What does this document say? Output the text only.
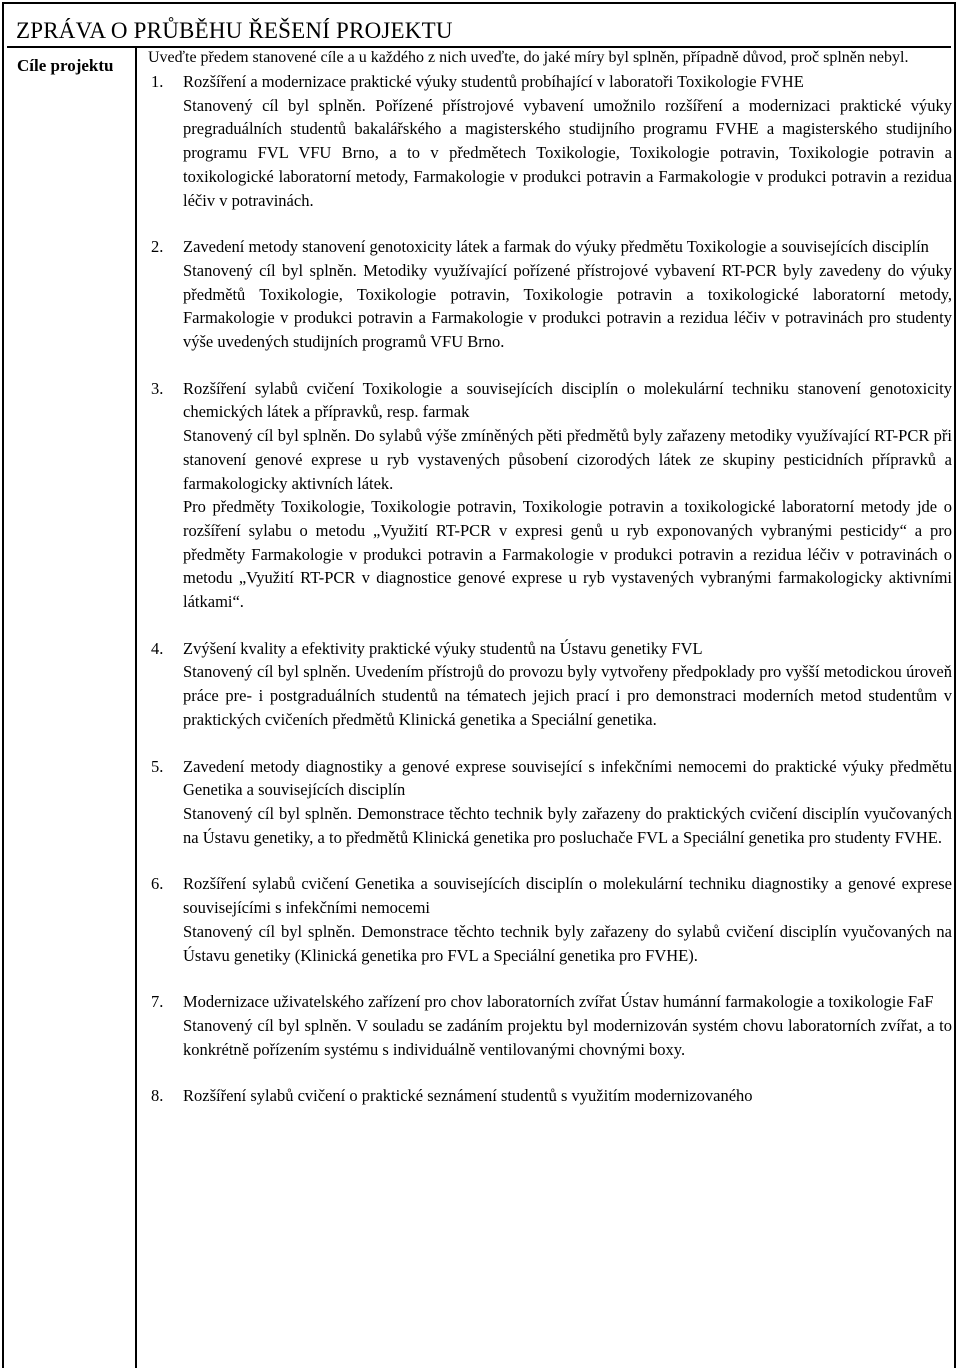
ZPRÁVA O PRŮBĚHU ŘEŠENÍ PROJEKTU
Cíle projektu Uveďte předem stanovené cíle a u každého z nich uveďte, do jaké míry byl splněn, případně důvod, proč splněn nebyl.

1. Rozšíření a modernizace praktické výuky studentů probíhající v laboratoři Toxikologie FVHE
Stanovený cíl byl splněn. Pořízené přístrojové vybavení umožnilo rozšíření a modernizaci praktické výuky pregraduálních studentů bakalářského a magisterského studijního programu FVHE a magisterského studijního programu FVL VFU Brno, a to v předmětech Toxikologie, Toxikologie potravin, Toxikologie potravin a toxikologické laboratorní metody, Farmakologie v produkci potravin a Farmakologie v produkci potravin a rezidua léčiv v potravinách.
2. Zavedení metody stanovení genotoxicity látek a farmak do výuky předmětu Toxikologie a souvisejících disciplín
Stanovený cíl byl splněn. Metodiky využívající pořízené přístrojové vybavení RT-PCR byly zavedeny do výuky předmětů Toxikologie, Toxikologie potravin, Toxikologie potravin a toxikologické laboratorní metody, Farmakologie v produkci potravin a Farmakologie v produkci potravin a rezidua léčiv v potravinách pro studenty výše uvedených studijních programů VFU Brno.
3. Rozšíření sylabů cvičení Toxikologie a souvisejících disciplín o molekulární techniku stanovení genotoxicity chemických látek a přípravků, resp. farmak
Stanovený cíl byl splněn. Do sylabů výše zmíněných pěti předmětů byly zařazeny metodiky využívající RT-PCR při stanovení genové exprese u ryb vystavených působení cizorodých látek ze skupiny pesticidních přípravků a farmakologicky aktivních látek.
Pro předměty Toxikologie, Toxikologie potravin, Toxikologie potravin a toxikologické laboratorní metody jde o rozšíření sylabu o metodu „Využití RT-PCR v expresi genů u ryb exponovaných vybranými pesticidy“ a pro předměty Farmakologie v produkci potravin a Farmakologie v produkci potravin a rezidua léčiv v potravinách o metodu „Využití RT-PCR v diagnostice genové exprese u ryb vystavených vybranými farmakologicky aktivními látkami“.
4. Zvýšení kvality a efektivity praktické výuky studentů na Ústavu genetiky FVL
Stanovený cíl byl splněn. Uvedením přístrojů do provozu byly vytvořeny předpoklady pro vyšší metodickou úroveň práce pre- i postgraduálních studentů na tématech jejich prací i pro demonstraci moderních metod studentům v praktických cvičeních předmětů Klinická genetika a Speciální genetika.
5. Zavedení metody diagnostiky a genové exprese související s infekčními nemocemi do praktické výuky předmětu Genetika a souvisejících disciplín
Stanovený cíl byl splněn. Demonstrace těchto technik byly zařazeny do praktických cvičení disciplín vyučovaných na Ústavu genetiky, a to předmětů Klinická genetika pro posluchače FVL a Speciální genetika pro studenty FVHE.
6. Rozšíření sylabů cvičení Genetika a souvisejících disciplín o molekulární techniku diagnostiky a genové exprese souvisejícími s infekčními nemocemi
Stanovený cíl byl splněn. Demonstrace těchto technik byly zařazeny do sylabů cvičení disciplín vyučovaných na Ústavu genetiky (Klinická genetika pro FVL a Speciální genetika pro FVHE).
7. Modernizace uživatelského zařízení pro chov laboratorních zvířat Ústav humánní farmakologie a toxikologie FaF
Stanovený cíl byl splněn. V souladu se zadáním projektu byl modernizován systém chovu laboratorních zvířat, a to konkrétně pořízením systému s individuálně ventilovanými chovnými boxy.
8. Rozšíření sylabů cvičení o praktické seznámení studentů s využitím modernizovaného
